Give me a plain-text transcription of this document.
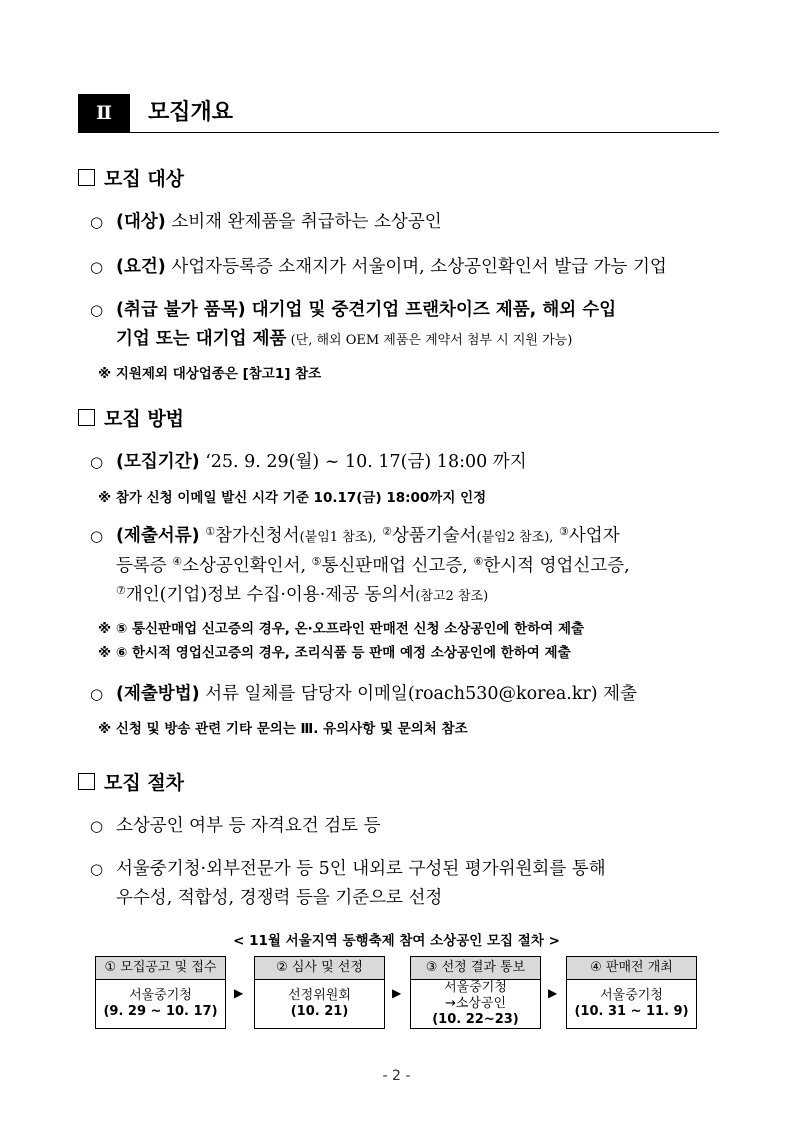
Ⅱ	모집개요
모집 대상
○ (대상) 소비재 완제품을 취급하는 소상공인
○ (요건) 사업자등록증 소재지가 서울이며, 소상공인확인서 발급 가능 기업
○ (취급 불가 품목) 대기업 및 중견기업 프랜차이즈 제품, 해외 수입
기업 또는 대기업 제품 (단, 해외 OEM 제품은 계약서 첨부 시 지원 가능)
※ 지원제외 대상업종은 [참고1] 참조
모집 방법
○ (모집기간) ‘25. 9. 29(월) ~ 10. 17(금) 18:00 까지
※ 참가 신청 이메일 발신 시각 기준 10.17(금) 18:00까지 인정
○ (제출서류) ①참가신청서(붙임1 참조), ②상품기술서(붙임2 참조), ③사업자
등록증 ④소상공인확인서, ⑤통신판매업 신고증, ⑥한시적 영업신고증,
⑦개인(기업)정보 수집·이용·제공 동의서(참고2 참조)
※ ⑤ 통신판매업 신고증의 경우, 온·오프라인 판매전 신청 소상공인에 한하여 제출
※ ⑥ 한시적 영업신고증의 경우, 조리식품 등 판매 예정 소상공인에 한하여 제출
○ (제출방법) 서류 일체를 담당자 이메일(roach530@korea.kr) 제출
※ 신청 및 방송 관련 기타 문의는 Ⅲ. 유의사항 및 문의처 참조
모집 절차
○ 소상공인 여부 등 자격요건 검토 등
○ 서울중기청·외부전문가 등 5인 내외로 구성된 평가위원회를 통해
우수성, 적합성, 경쟁력 등을 기준으로 선정
< 11월 서울지역 동행축제 참여 소상공인 모집 절차 >
① 모집공고 및 접수
서울중기청
(9. 29 ~ 10. 17)
▶
② 심사 및 선정
선정위원회
(10. 21)
▶
③ 선정 결과 통보
서울중기청
→소상공인
(10. 22~23)
▶
④ 판매전 개최
서울중기청
(10. 31 ~ 11. 9)
- 2 -
